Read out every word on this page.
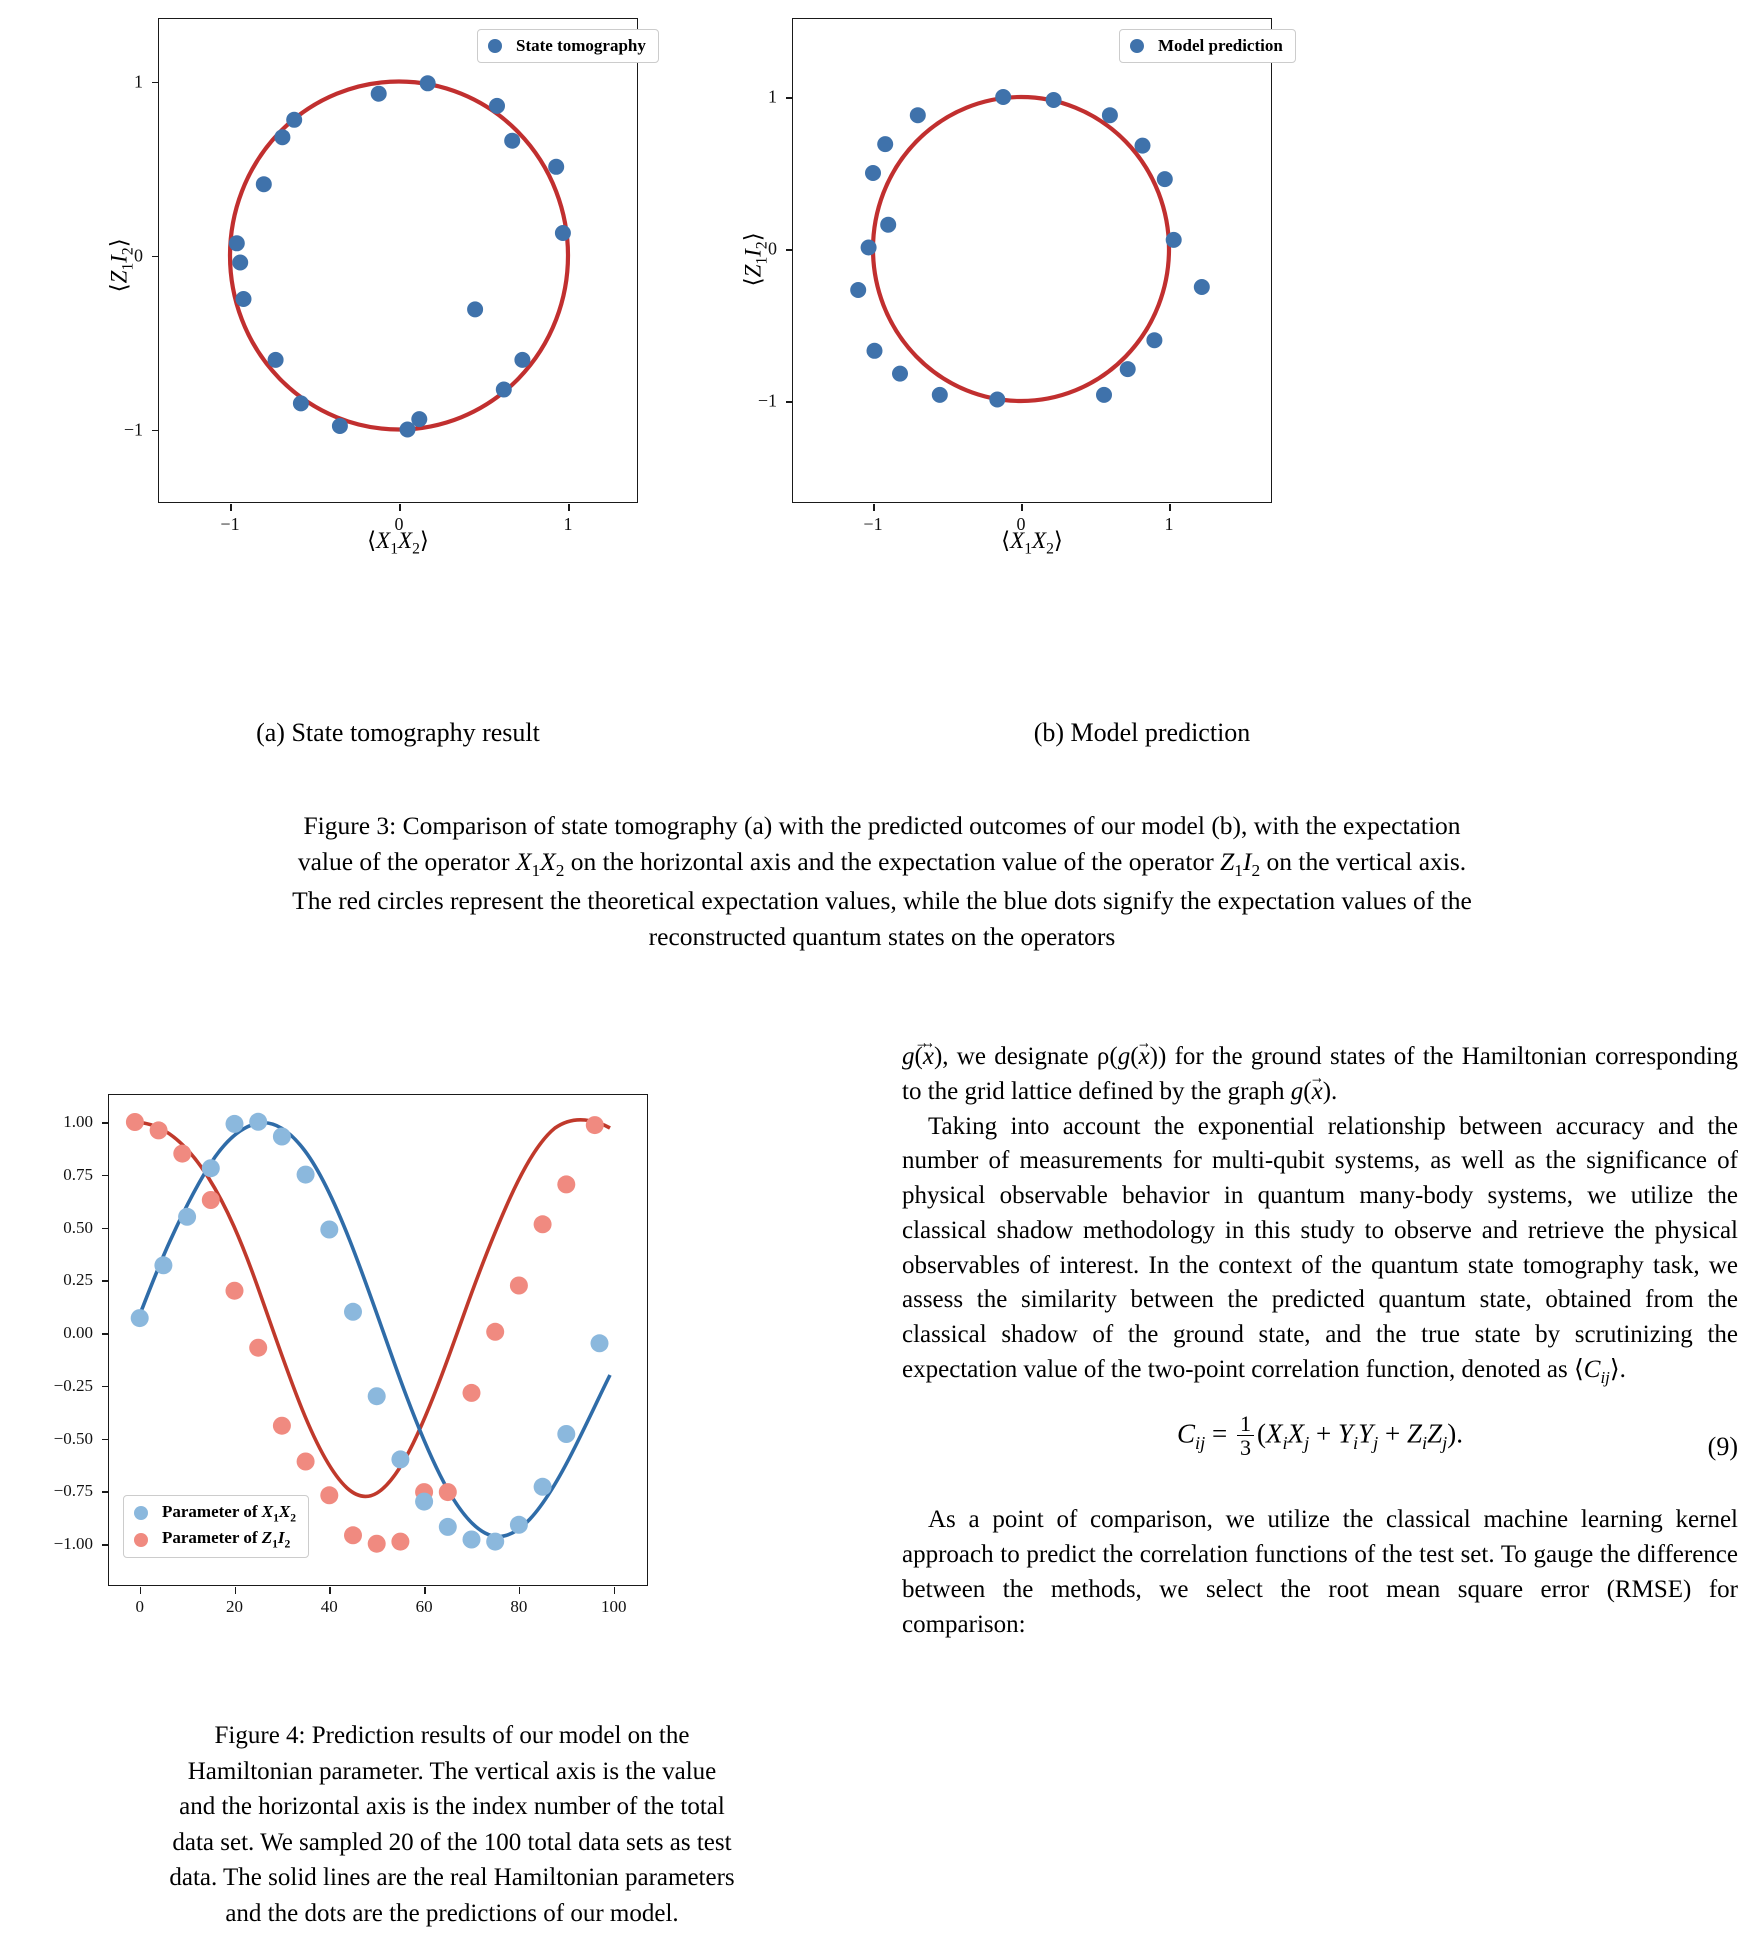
1
0
−1
−1	0	1
State tomography
$⟨X_1X_2⟩$
$⟨Z_1I_2⟩$
1
0
−1
−1	0	1
Model prediction
$⟨X_1X_2⟩$
$⟨Z_1I_2⟩$
(a) State tomography result	(b) Model prediction
Figure 3: Comparison of state tomography (a) with the predicted outcomes of our model (b), with the expectation
value of the operator $X_1X_2$ on the horizontal axis and the expectation value of the operator $Z_1I_2$ on the vertical axis.
The red circles represent the theoretical expectation values, while the blue dots signify the expectation values of the
reconstructed quantum states on the operators
1.00
0.75
0.50
0.25
0.00
−0.25
−0.50
−0.75
−1.00
0	20	40	60	80	100
Parameter of $X_1X_2$
Parameter of $Z_1I_2$
Figure 4: Prediction results of our model on the
Hamiltonian parameter. The vertical axis is the value
and the horizontal axis is the index number of the total
data set. We sampled 20 of the 100 total data sets as test
data. The solid lines are the real Hamiltonian parameters
and the dots are the predictions of our model.

g(x →) →, we designate ρ(g(x →)) for the ground states of the Hamiltonian corresponding to the grid lattice defined by the graph g(x →).

Taking into account the exponential relationship between accuracy and the number of measurements for multi-qubit systems, as well as the significance of physical observable behavior in quantum many-body systems, we utilize the classical shadow methodology in this study to observe and retrieve the physical observables of interest. In the context of the quantum state tomography task, we assess the similarity between the predicted quantum state, obtained from the classical shadow of the ground state, and the true state by scrutinizing the expectation value of the two-point correlation function, denoted as $⟨C_{ij}⟩$.

$C_{ij} = \frac{1}{3} (X_iX_j + Y_iY_j + Z_iZ_j)$.	(9)

As a point of comparison, we utilize the classical machine learning kernel approach to predict the correlation functions of the test set. To gauge the difference between the methods, we select the root mean square error (RMSE) for comparison:
